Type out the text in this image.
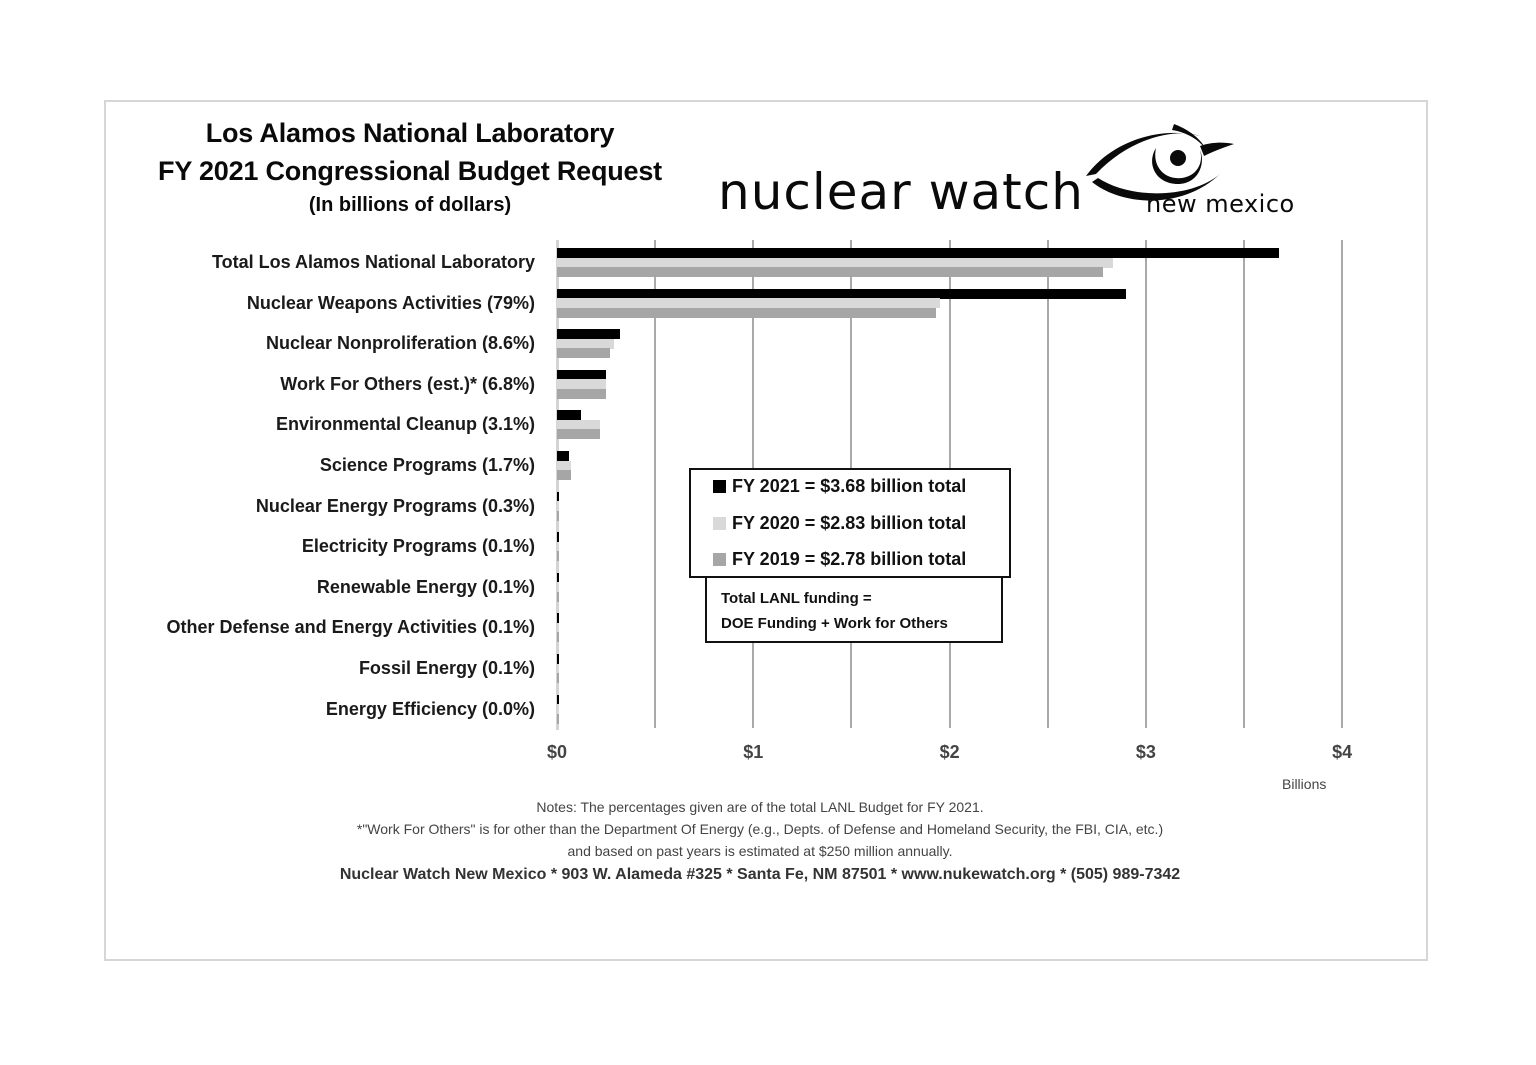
Los Alamos National Laboratory
FY 2021 Congressional Budget Request
(In billions of dollars)	nuclear watch	new mexico
Total Los Alamos National Laboratory
Nuclear Weapons Activities (79%)
Nuclear Nonproliferation (8.6%)
Work For Others (est.)* (6.8%)
Environmental Cleanup (3.1%)
Science Programs (1.7%)
Nuclear Energy Programs (0.3%)
Electricity Programs (0.1%)
Renewable Energy (0.1%)
Other Defense and Energy Activities (0.1%)
Fossil Energy (0.1%)
Energy Efficiency (0.0%)
$0	$1	$2	$3	$4
Billions
FY 2021 = $3.68 billion total
FY 2020 = $2.83 billion total
FY 2019 = $2.78 billion total
Total LANL funding =
DOE Funding + Work for Others
Notes: The percentages given are of the total LANL Budget for FY 2021.
*"Work For Others" is for other than the Department Of Energy (e.g., Depts. of Defense and Homeland Security, the FBI, CIA, etc.)
and based on past years is estimated at $250 million annually.
Nuclear Watch New Mexico * 903 W. Alameda #325 * Santa Fe, NM 87501 * www.nukewatch.org * (505) 989-7342
